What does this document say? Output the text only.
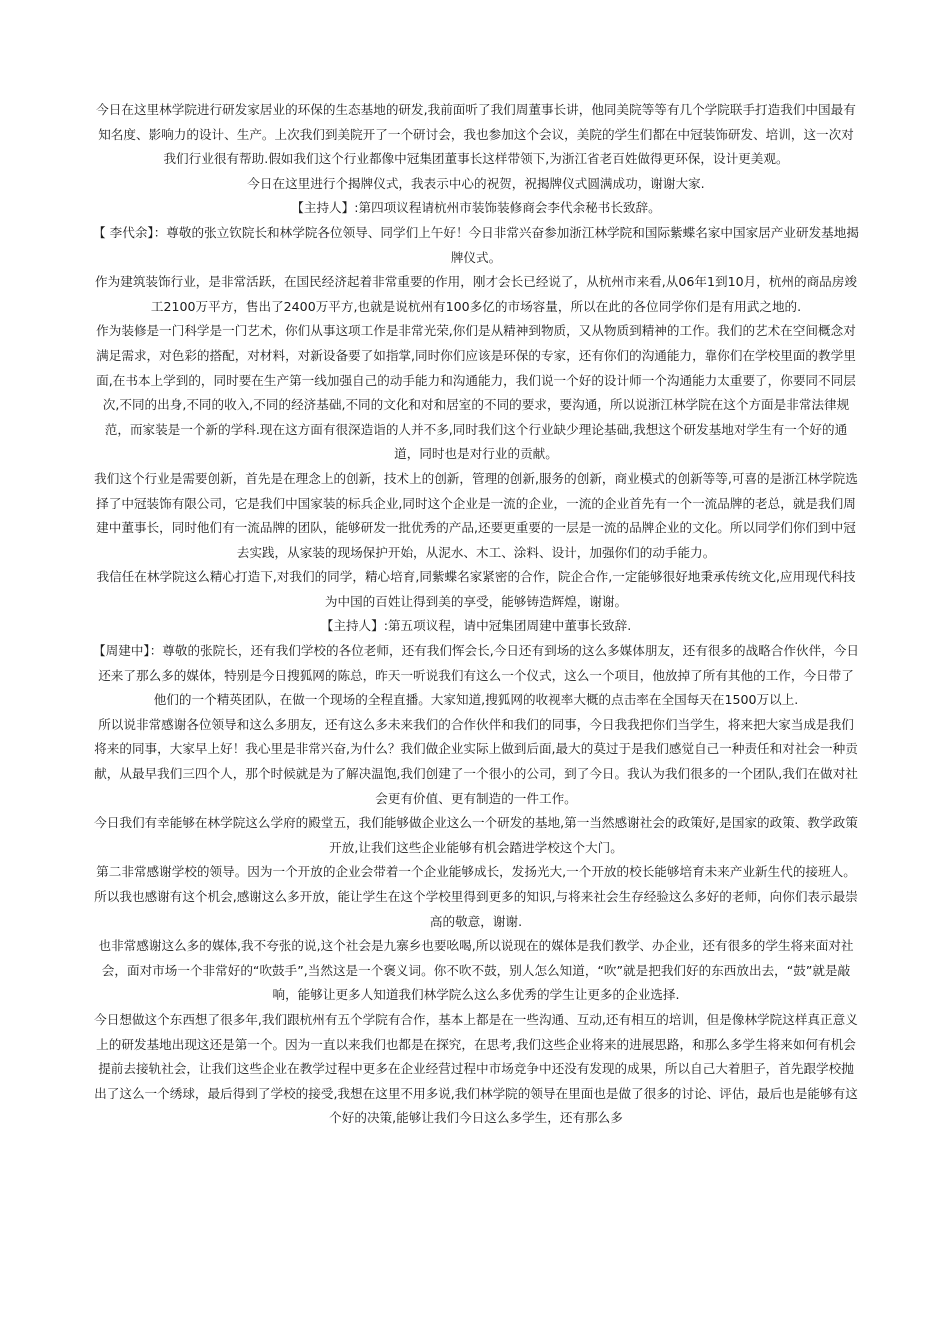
今日在这里林学院进行研发家居业的环保的生态基地的研发,我前面听了我们周董事长讲，他同美院等等有几个学院联手打造我们中国最有知名度、影响力的设计、生产。上次我们到美院开了一个研讨会，我也参加这个会议，美院的学生们都在中冠装饰研发、培训，这一次对我们行业很有帮助.假如我们这个行业都像中冠集团董事长这样带领下,为浙江省老百姓做得更环保，设计更美观。

今日在这里进行个揭牌仪式，我表示中心的祝贺，祝揭牌仪式圆满成功，谢谢大家.

【主持人】:第四项议程请杭州市装饰装修商会李代余秘书长致辞。

【 李代余】：尊敬的张立钦院长和林学院各位领导、同学们上午好！今日非常兴奋参加浙江林学院和国际紫蝶名家中国家居产业研发基地揭牌仪式。

作为建筑装饰行业，是非常活跃，在国民经济起着非常重要的作用，刚才会长已经说了，从杭州市来看,从06年1到10月，杭州的商品房竣工2100万平方，售出了2400万平方,也就是说杭州有100多亿的市场容量，所以在此的各位同学你们是有用武之地的.

作为装修是一门科学是一门艺术，你们从事这项工作是非常光荣,你们是从精神到物质，又从物质到精神的工作。我们的艺术在空间概念对满足需求，对色彩的搭配，对材料，对新设备要了如指掌,同时你们应该是环保的专家，还有你们的沟通能力，靠你们在学校里面的教学里面,在书本上学到的，同时要在生产第一线加强自己的动手能力和沟通能力，我们说一个好的设计师一个沟通能力太重要了，你要同不同层次,不同的出身,不同的收入,不同的经济基础,不同的文化和对和居室的不同的要求，要沟通，所以说浙江林学院在这个方面是非常法律规范，而家装是一个新的学科.现在这方面有很深造诣的人并不多,同时我们这个行业缺少理论基础,我想这个研发基地对学生有一个好的通道，同时也是对行业的贡献。

我们这个行业是需要创新，首先是在理念上的创新，技术上的创新，管理的创新,服务的创新，商业模式的创新等等,可喜的是浙江林学院选择了中冠装饰有限公司，它是我们中国家装的标兵企业,同时这个企业是一流的企业，一流的企业首先有一个一流品牌的老总，就是我们周建中董事长，同时他们有一流品牌的团队，能够研发一批优秀的产品,还要更重要的一层是一流的品牌企业的文化。所以同学们你们到中冠去实践，从家装的现场保护开始，从泥水、木工、涂料、设计，加强你们的动手能力。

我信任在林学院这么精心打造下,对我们的同学，精心培育,同紫蝶名家紧密的合作，院企合作,一定能够很好地秉承传统文化,应用现代科技为中国的百姓让得到美的享受，能够铸造辉煌，谢谢。

【主持人】:第五项议程，请中冠集团周建中董事长致辞.

【周建中】：尊敬的张院长，还有我们学校的各位老师，还有我们恽会长,今日还有到场的这么多媒体朋友，还有很多的战略合作伙伴，今日还来了那么多的媒体，特别是今日搜狐网的陈总，昨天一听说我们有这么一个仪式，这么一个项目，他放掉了所有其他的工作，今日带了他们的一个精英团队，在做一个现场的全程直播。大家知道,搜狐网的收视率大概的点击率在全国每天在1500万以上.

所以说非常感谢各位领导和这么多朋友，还有这么多未来我们的合作伙伴和我们的同事，今日我我把你们当学生，将来把大家当成是我们将来的同事，大家早上好！我心里是非常兴奋,为什么？我们做企业实际上做到后面,最大的莫过于是我们感觉自己一种责任和对社会一种贡献，从最早我们三四个人，那个时候就是为了解决温饱,我们创建了一个很小的公司，到了今日。我认为我们很多的一个团队,我们在做对社会更有价值、更有制造的一件工作。

今日我们有幸能够在林学院这么学府的殿堂五，我们能够做企业这么一个研发的基地,第一当然感谢社会的政策好,是国家的政策、教学政策开放,让我们这些企业能够有机会踏进学校这个大门。

第二非常感谢学校的领导。因为一个开放的企业会带着一个企业能够成长，发扬光大,一个开放的校长能够培育未来产业新生代的接班人。所以我也感谢有这个机会,感谢这么多开放，能让学生在这个学校里得到更多的知识,与将来社会生存经验这么多好的老师，向你们表示最崇高的敬意，谢谢.

也非常感谢这么多的媒体,我不夸张的说,这个社会是九寨乡也要吆喝,所以说现在的媒体是我们教学、办企业，还有很多的学生将来面对社会，面对市场一个非常好的“吹鼓手”,当然这是一个褒义词。你不吹不鼓，别人怎么知道，“吹”就是把我们好的东西放出去，“鼓”就是敲响，能够让更多人知道我们林学院么这么多优秀的学生让更多的企业选择.

今日想做这个东西想了很多年,我们跟杭州有五个学院有合作，基本上都是在一些沟通、互动,还有相互的培训，但是像林学院这样真正意义上的研发基地出现这还是第一个。因为一直以来我们也都是在探究，在思考,我们这些企业将来的进展思路，和那么多学生将来如何有机会提前去接轨社会，让我们这些企业在教学过程中更多在企业经营过程中市场竞争中还没有发现的成果，所以自己大着胆子，首先跟学校抛出了这么一个绣球，最后得到了学校的接受,我想在这里不用多说,我们林学院的领导在里面也是做了很多的讨论、评估，最后也是能够有这个好的决策,能够让我们今日这么多学生，还有那么多
